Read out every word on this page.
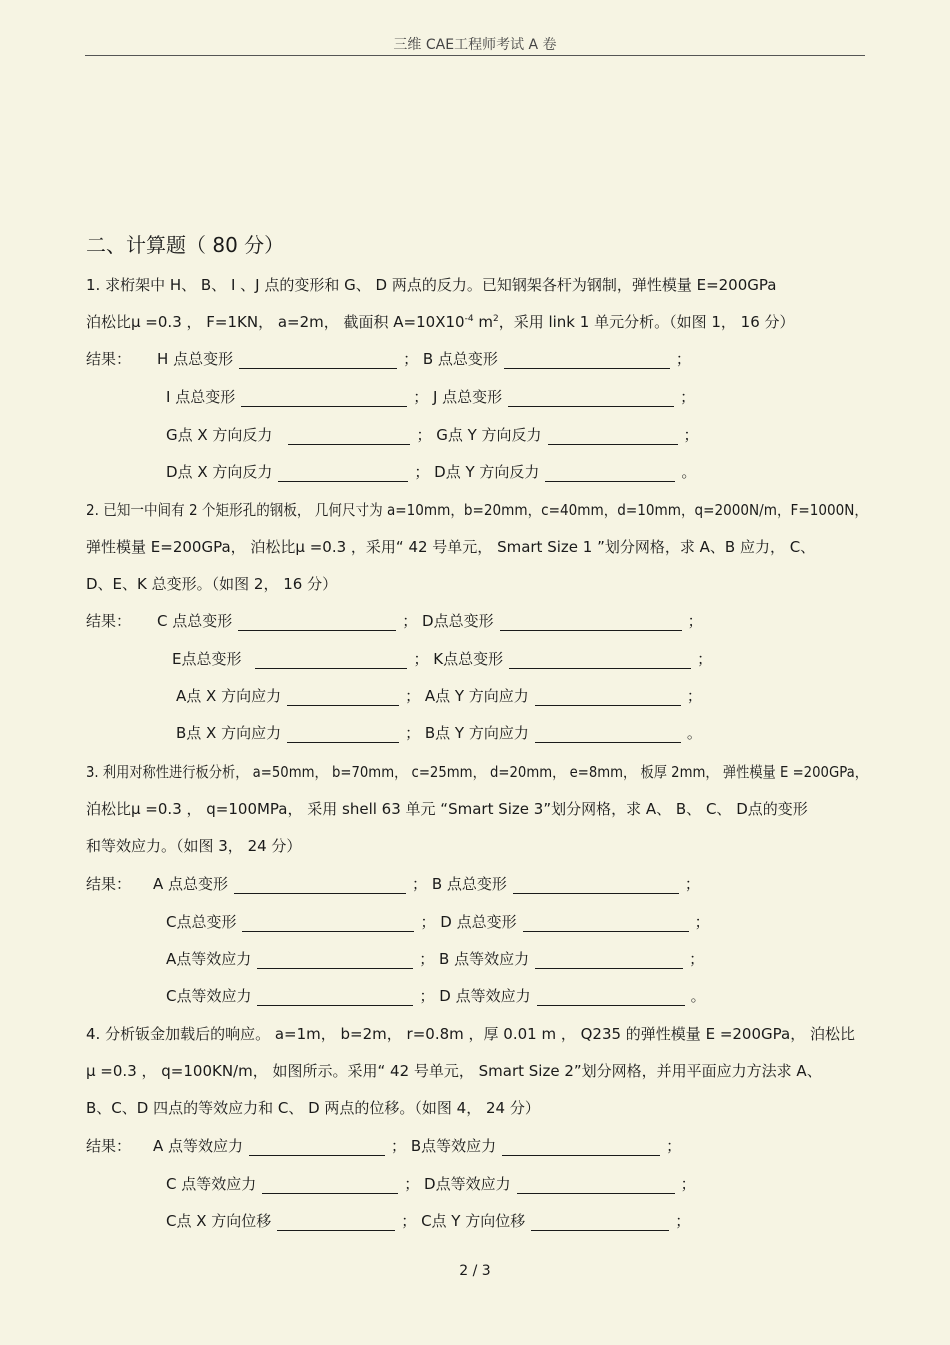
三维 CAE工程师考试 A 卷
二、计算题（ 80 分）
1. 求桁架中 H、 B、 I 、J 点的变形和 G、 D 两点的反力。已知钢架各杆为钢制，弹性模量 E=200GPa
泊松比μ =0.3 ， F=1KN， a=2m， 截面积 $A=10X10^{-4}$ $m^2$，采用 link 1 单元分析。（如图 1， 16 分）
结果： H 点总变形	； B 点总变形	；
I 点总变形	； J 点总变形	；
G点 X 方向反力	； G点 Y 方向反力	；
D点 X 方向反力	； D点 Y 方向反力	。
2. 已知一中间有 2 个矩形孔的钢板， 几何尺寸为 a=10mm，b=20mm，c=40mm，d=10mm，q=2000N/m，F=1000N，
弹性模量 E=200GPa， 泊松比μ =0.3 ，采用“ 42 号单元， Smart Size 1 ”划分网格，求 A、B 应力， C、
D、E、K 总变形。（如图 2， 16 分）
结果： C 点总变形	； D点总变形	；
E点总变形	； K点总变形	；
A点 X 方向应力	； A点 Y 方向应力	；
B点 X 方向应力	； B点 Y 方向应力	。
3. 利用对称性进行板分析， a=50mm， b=70mm， c=25mm， d=20mm， e=8mm， 板厚 2mm， 弹性模量 E =200GPa，
泊松比μ =0.3 ， q=100MPa， 采用 shell 63 单元 “Smart Size 3”划分网格，求 A、 B、 C、 D点的变形
和等效应力。（如图 3， 24 分）
结果： A 点总变形	； B 点总变形	；
C点总变形	； D 点总变形	；
A点等效应力	； B 点等效应力	；
C点等效应力	； D 点等效应力	。
4. 分析钣金加载后的响应。 a=1m， b=2m， r=0.8m ，厚 0.01 m ， Q235 的弹性模量 E =200GPa， 泊松比
μ =0.3 ， q=100KN/m， 如图所示。采用“ 42 号单元， Smart Size 2”划分网格，并用平面应力方法求 A、
B、C、D 四点的等效应力和 C、 D 两点的位移。（如图 4， 24 分）
结果： A 点等效应力	； B点等效应力	；
C 点等效应力	； D点等效应力	；
C点 X 方向位移	； C点 Y 方向位移	；
2 / 3
